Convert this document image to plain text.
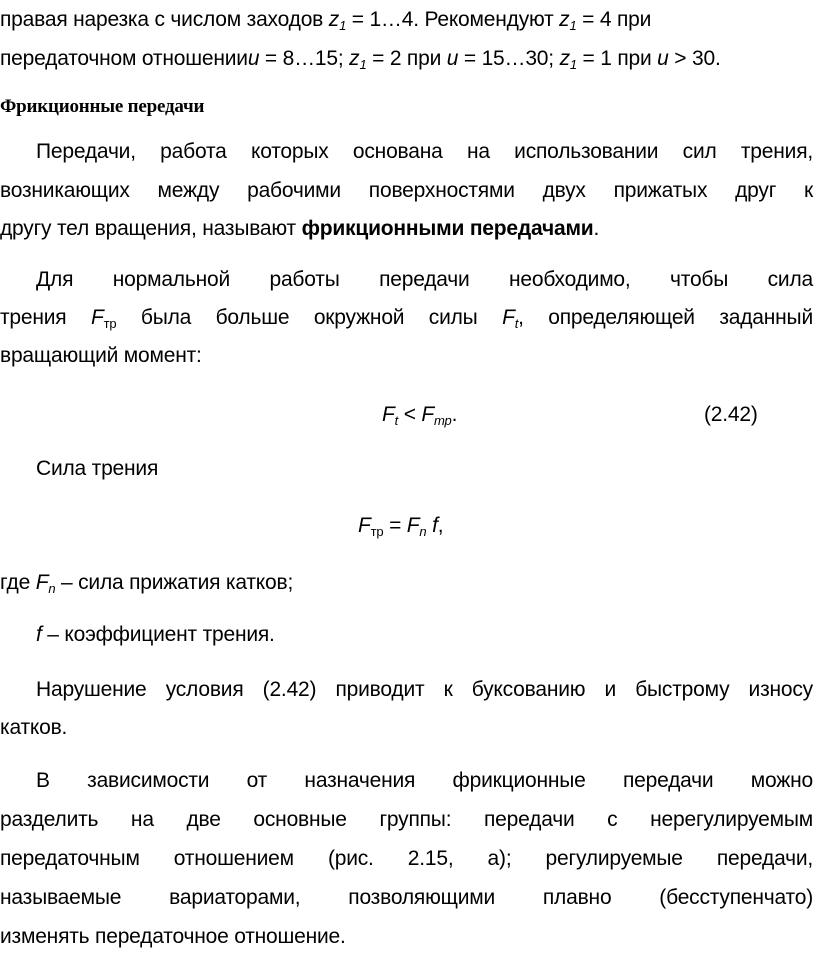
правая нарезка с числом заходов $z_1$ = 1…4. Рекомендуют $z_1 = 4$ при
передаточном отношенииu = 8…15; $z_1 = 2$ при u = 15…30; $z_1 = 1$ при u > 30.
Фрикционные передачи
Передачи, работа которых основана на использовании сил трения,
возникающих между рабочими поверхностями двух прижатых друг к
другу тел вращения, называют фрикционными передачами.
Для нормальной работы передачи необходимо, чтобы сила
трения $F_{тр}$ была больше окружной силы $F_t$, определяющей заданный
вращающий момент:
$F_t < F_{тр}$.	(2.42)
Сила трения
$F_{тр} = F_n$ f,
где $F_n$ – сила прижатия катков;
f – коэффициент трения.
Нарушение условия (2.42) приводит к буксованию и быстрому износу
катков.
В зависимости от назначения фрикционные передачи можно
разделить на две основные группы: передачи с нерегулируемым
передаточным отношением (рис. 2.15, а); регулируемые передачи,
называемые вариаторами, позволяющими плавно (бесступенчато)
изменять передаточное отношение.
